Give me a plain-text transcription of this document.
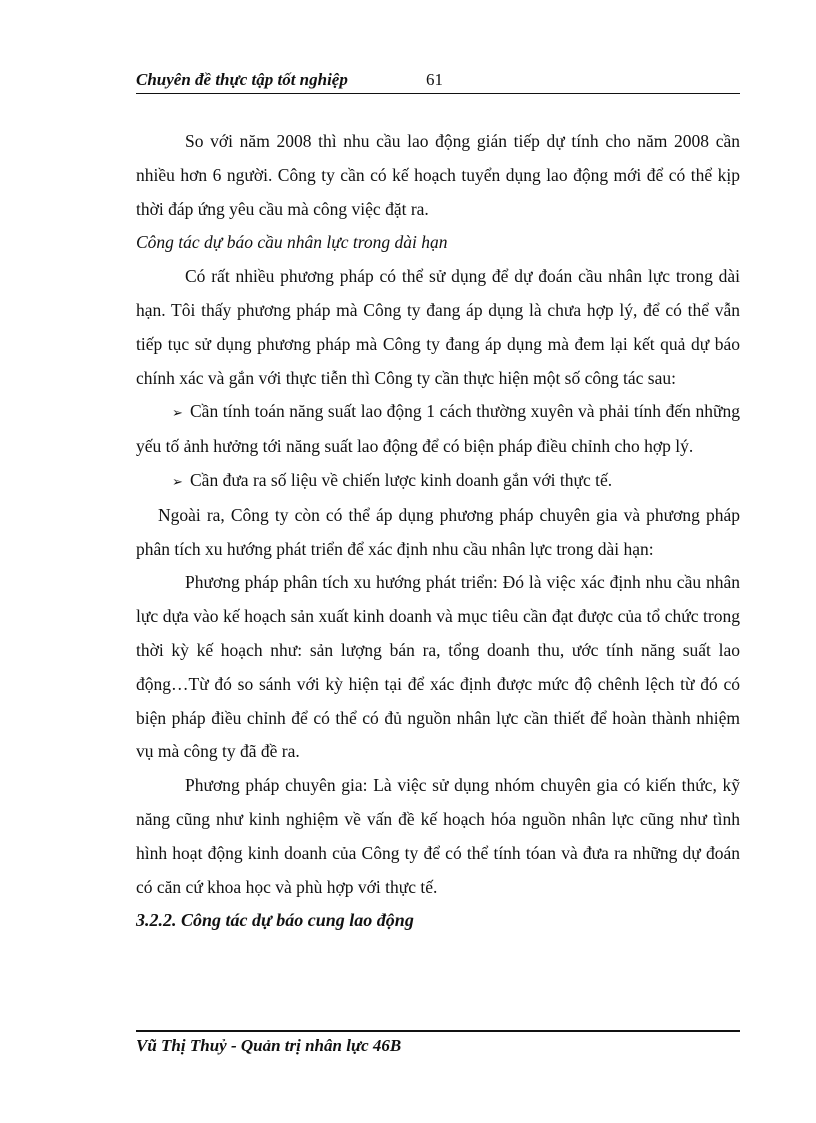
Chuyên đề thực tập tốt nghiệp	61

So với năm 2008 thì nhu cầu lao động gián tiếp dự tính cho năm 2008 cần nhiều hơn 6 người. Công ty cần có kế hoạch tuyển dụng lao động mới để có thể kịp thời đáp ứng yêu cầu mà công việc đặt ra.

Công tác dự báo cầu nhân lực trong dài hạn

Có rất nhiều phương pháp có thể sử dụng để dự đoán cầu nhân lực trong dài hạn. Tôi thấy phương pháp mà Công ty đang áp dụng là chưa hợp lý, để có thể vẫn tiếp tục sử dụng phương pháp mà Công ty đang áp dụng mà đem lại kết quả dự báo chính xác và gắn với thực tiễn thì Công ty cần thực hiện một số công tác sau:

➢ Cần tính toán năng suất lao động 1 cách thường xuyên và phải tính đến những yếu tố ảnh hưởng tới năng suất lao động để có biện pháp điều chỉnh cho hợp lý.

➢ Cần đưa ra số liệu về chiến lược kinh doanh gắn với thực tế.

Ngoài ra, Công ty còn có thể áp dụng phương pháp chuyên gia và phương pháp phân tích xu hướng phát triển để xác định nhu cầu nhân lực trong dài hạn:

Phương pháp phân tích xu hướng phát triển: Đó là việc xác định nhu cầu nhân lực dựa vào kế hoạch sản xuất kinh doanh và mục tiêu cần đạt được của tổ chức trong thời kỳ kế hoạch như: sản lượng bán ra, tổng doanh thu, ước tính năng suất lao động…Từ đó so sánh với kỳ hiện tại để xác định được mức độ chênh lệch từ đó có biện pháp điều chỉnh để có thể có đủ nguồn nhân lực cần thiết để hoàn thành nhiệm vụ mà công ty đã đề ra.

Phương pháp chuyên gia: Là việc sử dụng nhóm chuyên gia có kiến thức, kỹ năng cũng như kinh nghiệm về vấn đề kế hoạch hóa nguồn nhân lực cũng như tình hình hoạt động kinh doanh của Công ty để có thể tính tóan và đưa ra những dự đoán có căn cứ khoa học và phù hợp với thực tế.

3.2.2. Công tác dự báo cung lao động

Vũ Thị Thuỷ - Quản trị nhân lực 46B
